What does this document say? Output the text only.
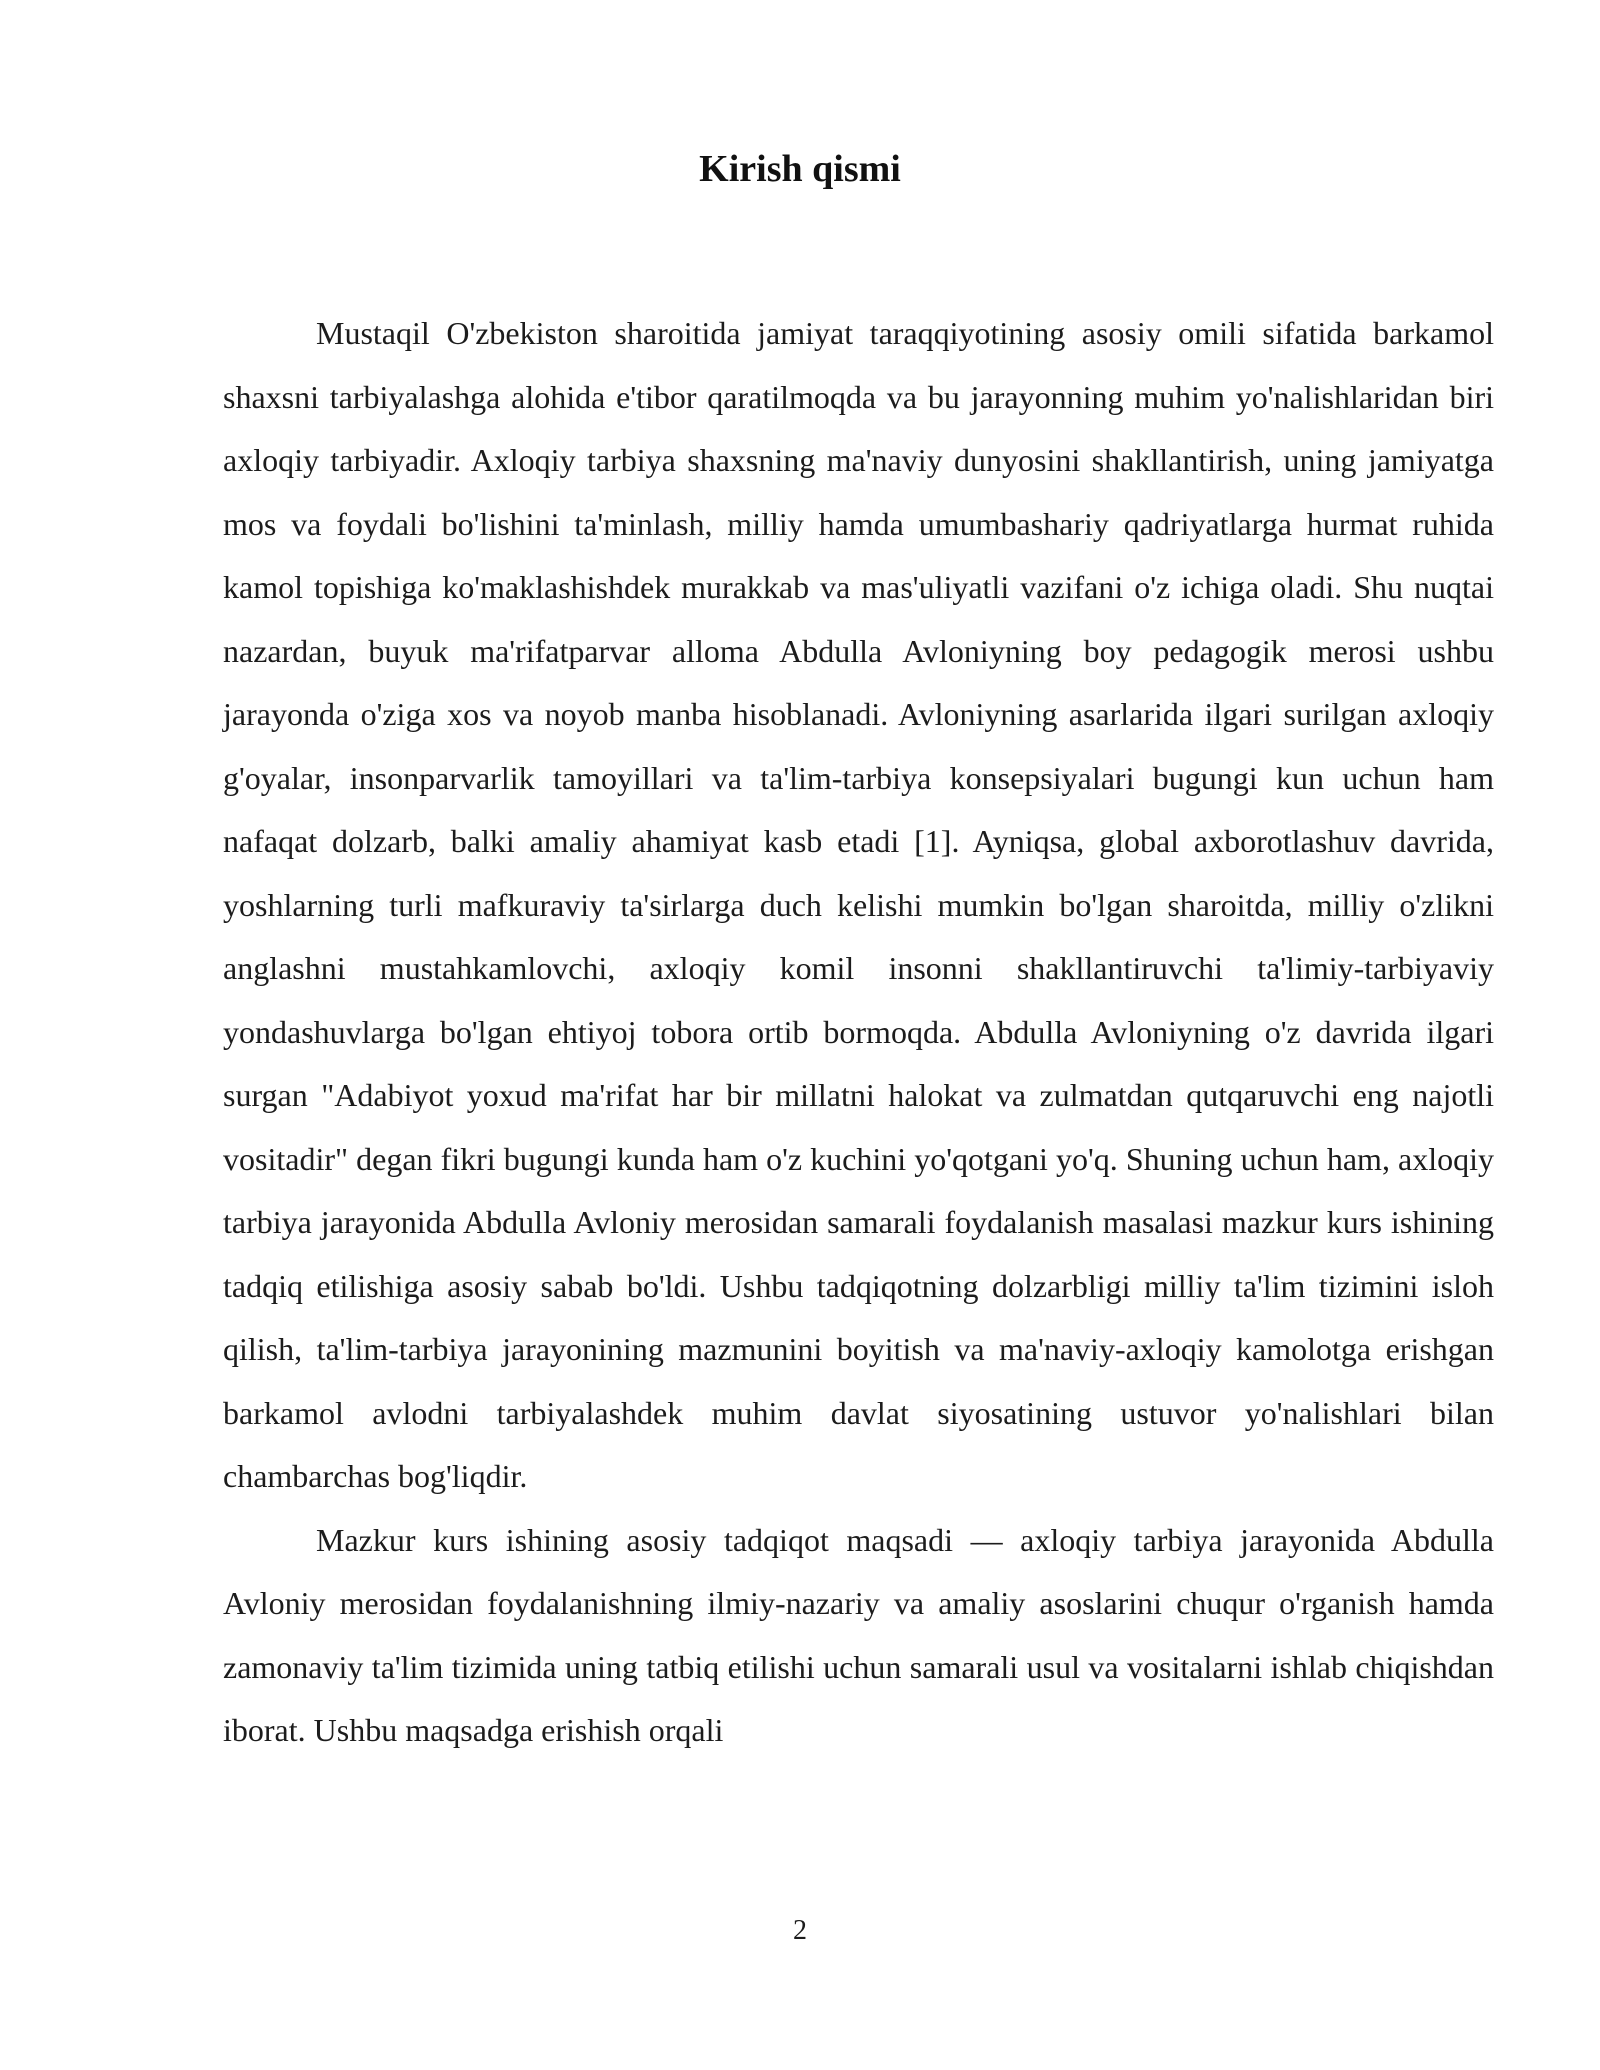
Kirish qismi

Mustaqil O'zbekiston sharoitida jamiyat taraqqiyotining asosiy omili sifatida barkamol shaxsni tarbiyalashga alohida e'tibor qaratilmoqda va bu jarayonning muhim yo'nalishlaridan biri axloqiy tarbiyadir. Axloqiy tarbiya shaxsning ma'naviy dunyosini shakllantirish, uning jamiyatga mos va foydali bo'lishini ta'minlash, milliy hamda umumbashariy qadriyatlarga hurmat ruhida kamol topishiga ko'maklashishdek murakkab va mas'uliyatli vazifani o'z ichiga oladi. Shu nuqtai nazardan, buyuk ma'rifatparvar alloma Abdulla Avloniyning boy pedagogik merosi ushbu jarayonda o'ziga xos va noyob manba hisoblanadi. Avloniyning asarlarida ilgari surilgan axloqiy g'oyalar, insonparvarlik tamoyillari va ta'lim-tarbiya konsepsiyalari bugungi kun uchun ham nafaqat dolzarb, balki amaliy ahamiyat kasb etadi [1]. Ayniqsa, global axborotlashuv davrida, yoshlarning turli mafkuraviy ta'sirlarga duch kelishi mumkin bo'lgan sharoitda, milliy o'zlikni anglashni mustahkamlovchi, axloqiy komil insonni shakllantiruvchi ta'limiy-tarbiyaviy yondashuvlarga bo'lgan ehtiyoj tobora ortib bormoqda. Abdulla Avloniyning o'z davrida ilgari surgan "Adabiyot yoxud ma'rifat har bir millatni halokat va zulmatdan qutqaruvchi eng najotli vositadir" degan fikri bugungi kunda ham o'z kuchini yo'qotgani yo'q. Shuning uchun ham, axloqiy tarbiya jarayonida Abdulla Avloniy merosidan samarali foydalanish masalasi mazkur kurs ishining tadqiq etilishiga asosiy sabab bo'ldi. Ushbu tadqiqotning dolzarbligi milliy ta'lim tizimini isloh qilish, ta'lim-tarbiya jarayonining mazmunini boyitish va ma'naviy-axloqiy kamolotga erishgan barkamol avlodni tarbiyalashdek muhim davlat siyosatining ustuvor yo'nalishlari bilan chambarchas bog'liqdir.

Mazkur kurs ishining asosiy tadqiqot maqsadi — axloqiy tarbiya jarayonida Abdulla Avloniy merosidan foydalanishning ilmiy-nazariy va amaliy asoslarini chuqur o'rganish hamda zamonaviy ta'lim tizimida uning tatbiq etilishi uchun samarali usul va vositalarni ishlab chiqishdan iborat. Ushbu maqsadga erishish orqali

2
